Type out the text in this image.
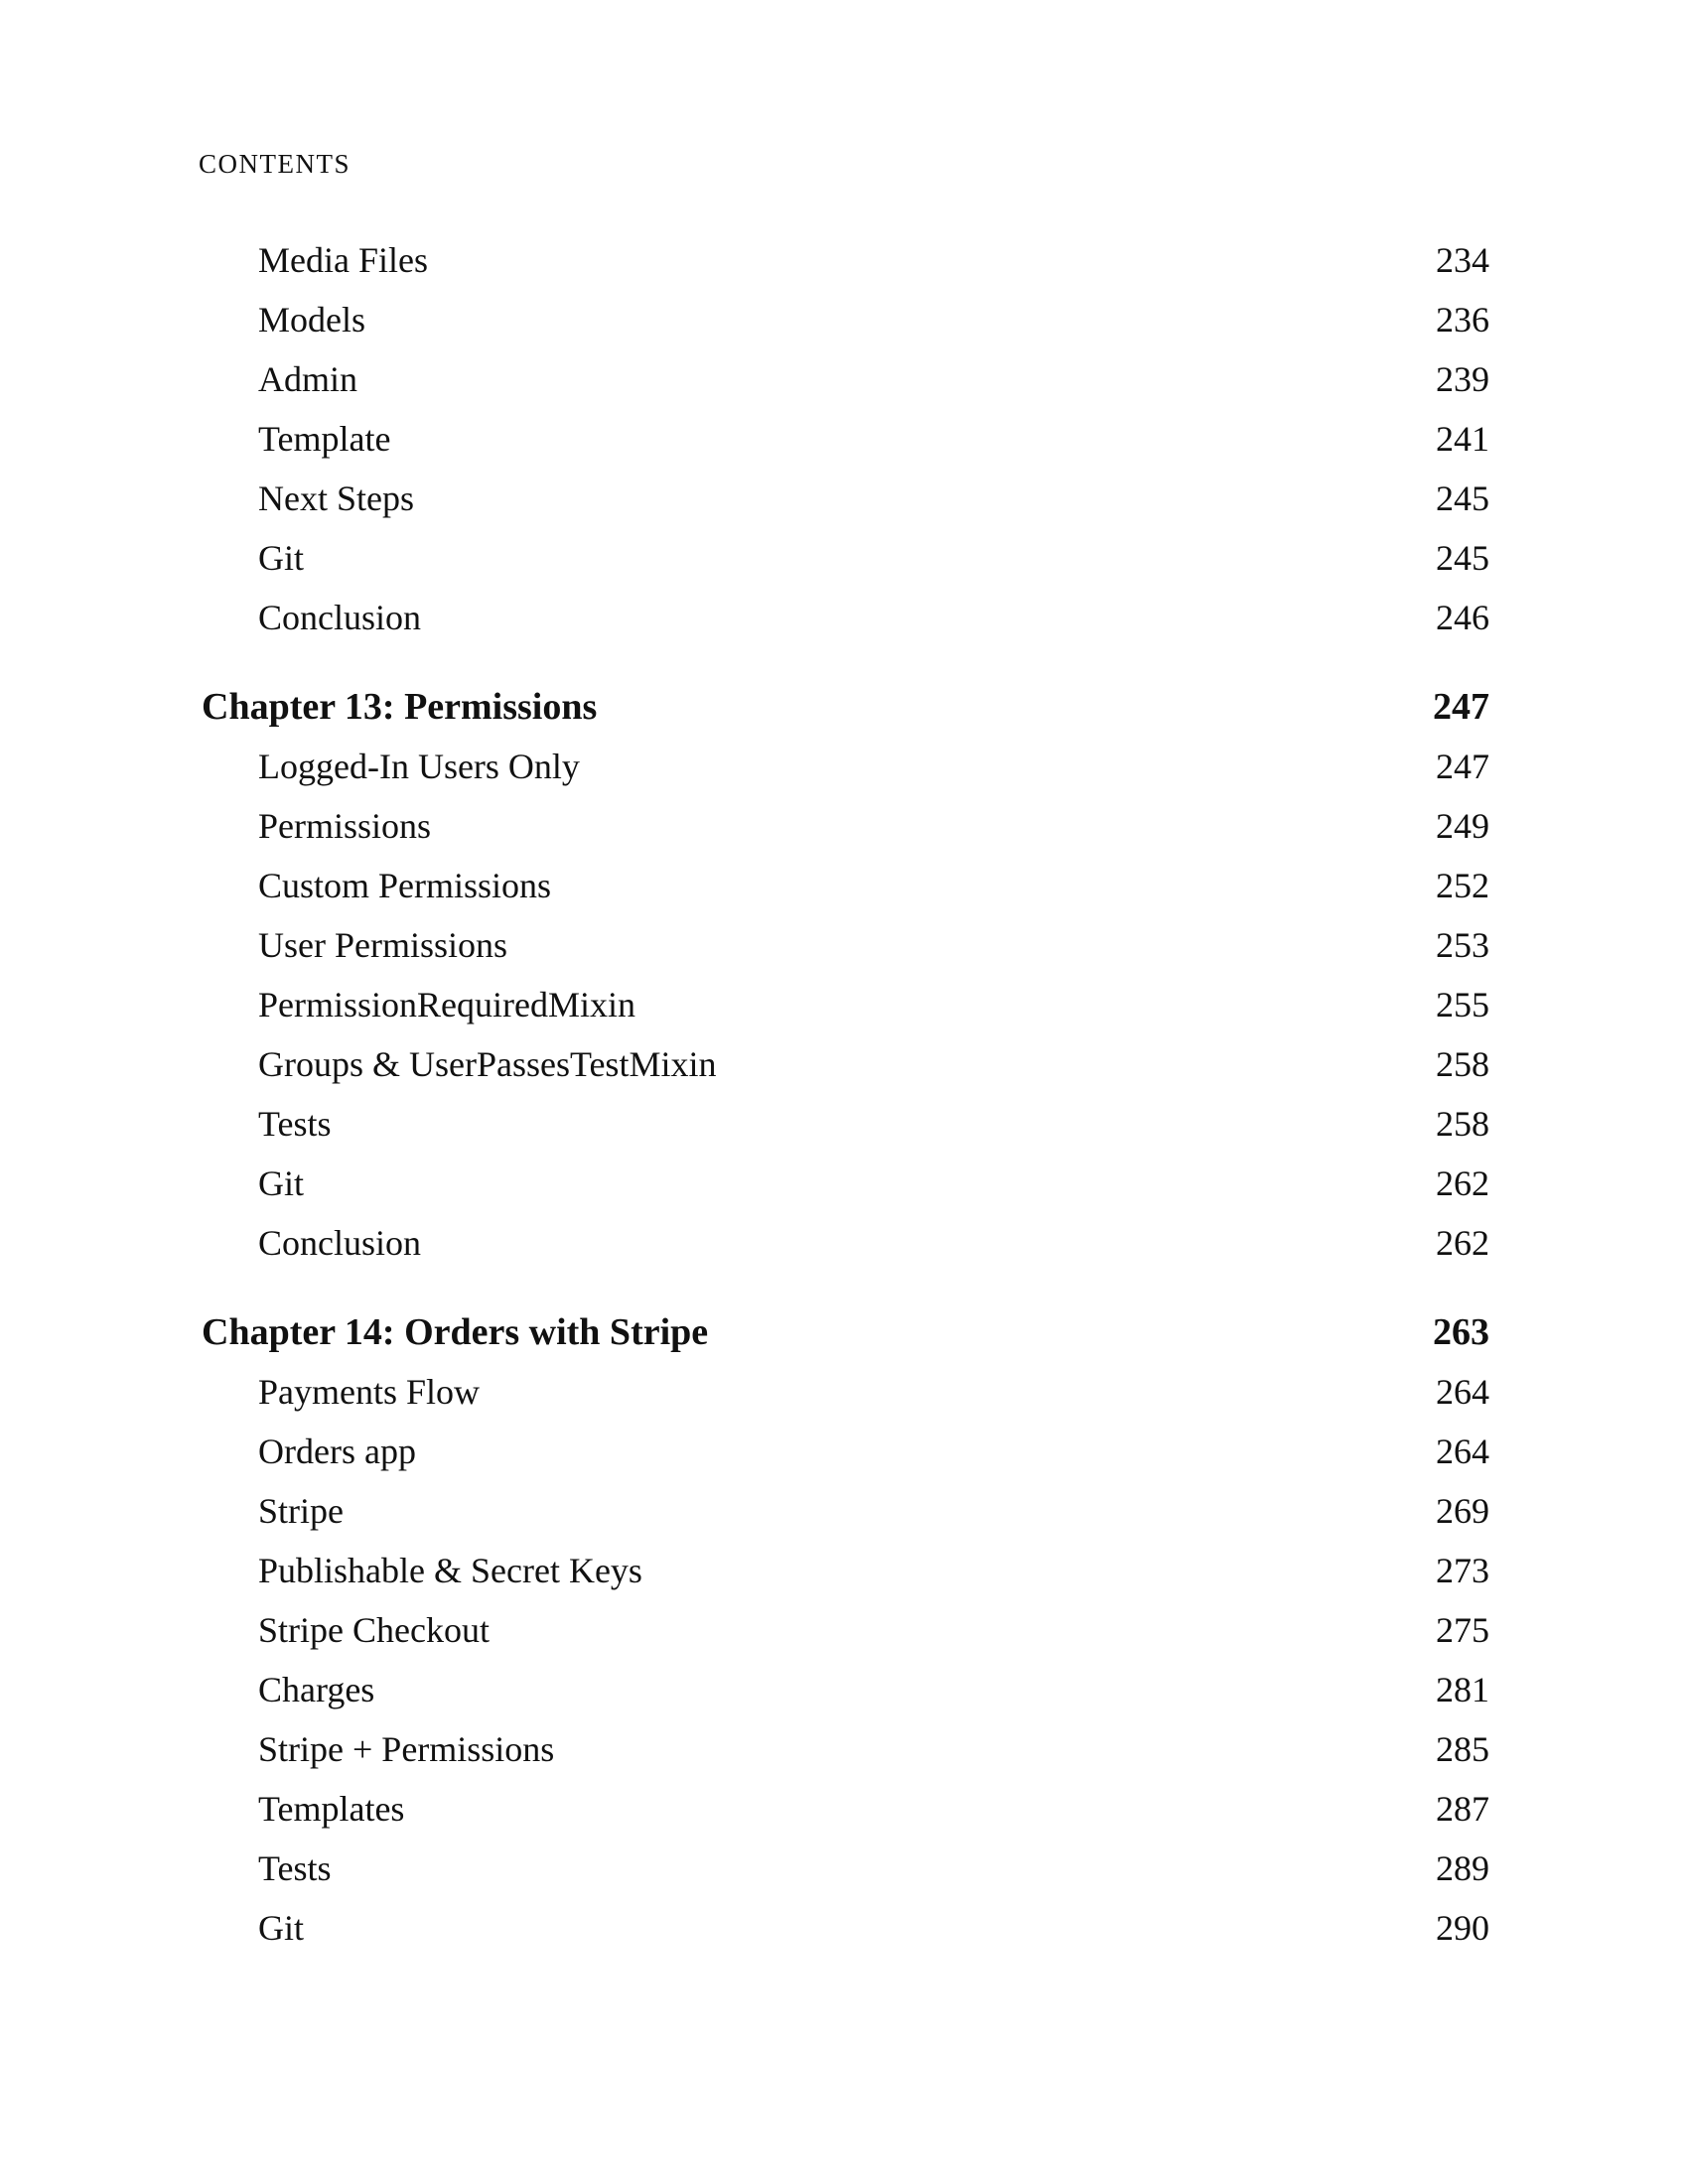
CONTENTS
Media Files	234
Models	236
Admin	239
Template	241
Next Steps	245
Git	245
Conclusion	246
Chapter 13: Permissions	247
Logged-In Users Only	247
Permissions	249
Custom Permissions	252
User Permissions	253
PermissionRequiredMixin	255
Groups & UserPassesTestMixin	258
Tests	258
Git	262
Conclusion	262
Chapter 14: Orders with Stripe	263
Payments Flow	264
Orders app	264
Stripe	269
Publishable & Secret Keys	273
Stripe Checkout	275
Charges	281
Stripe + Permissions	285
Templates	287
Tests	289
Git	290
